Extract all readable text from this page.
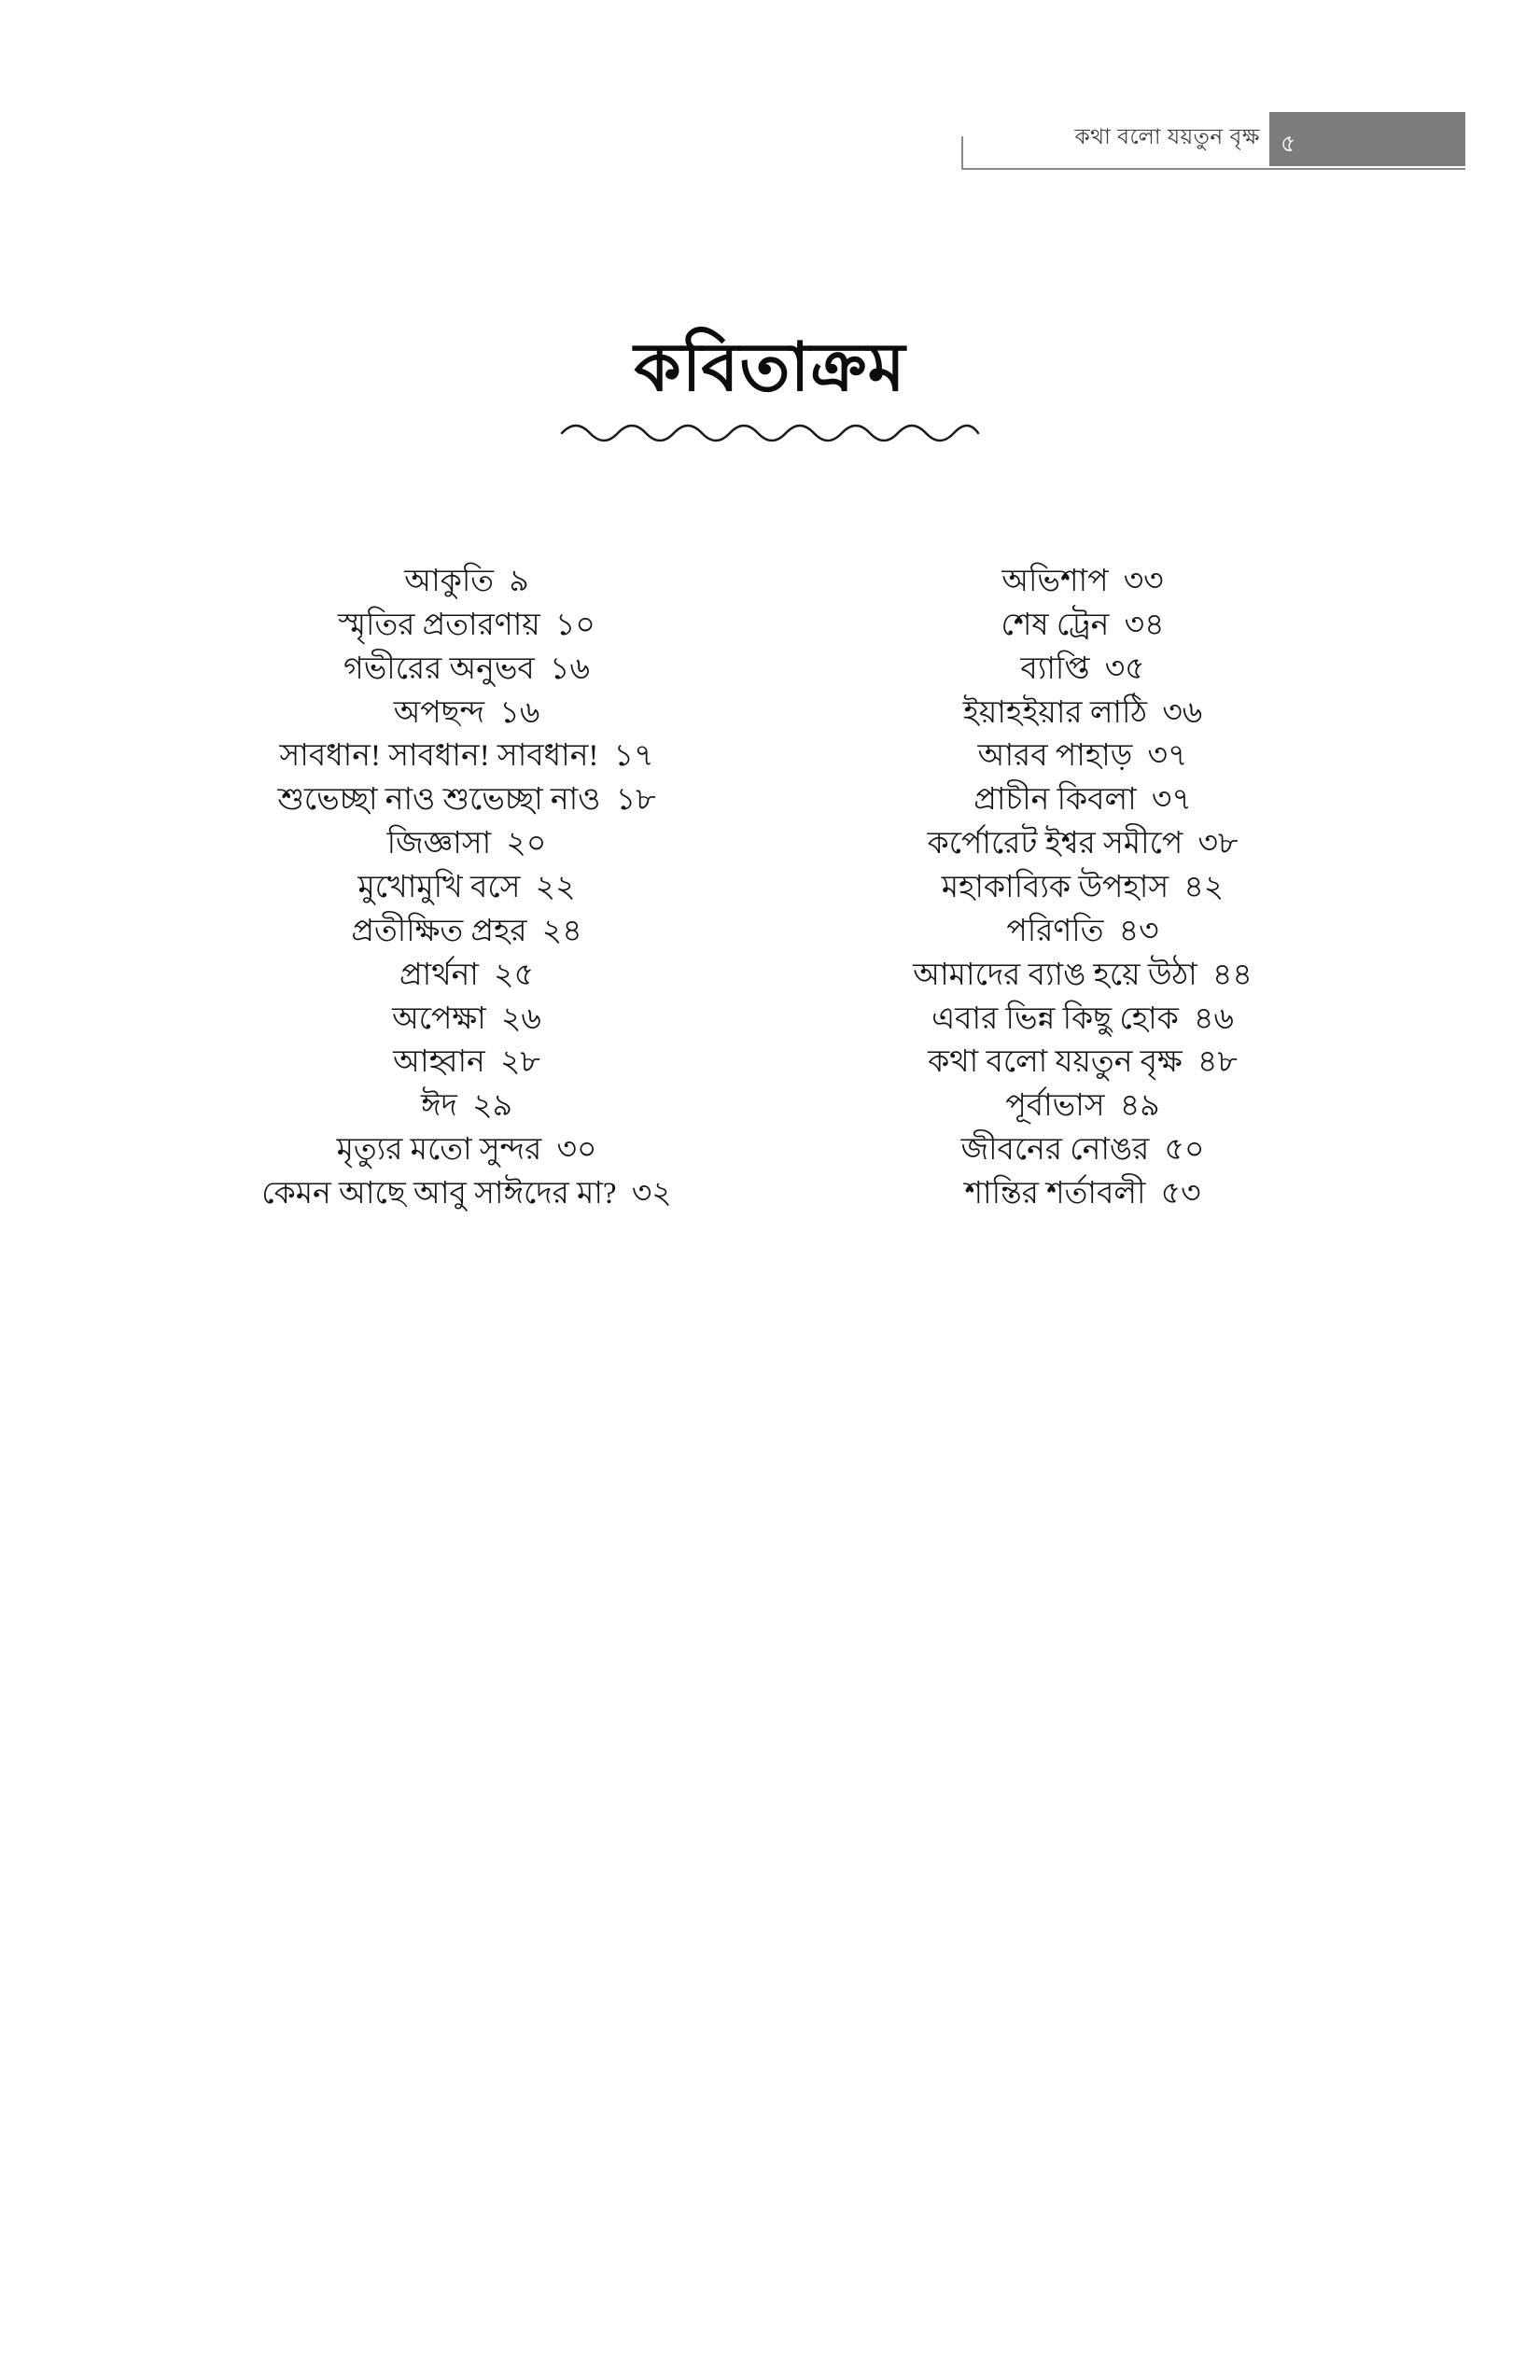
কথা বলো যয়তুন বৃক্ষ ৫
কবিতাক্রম
আকুতি ৯
স্মৃতির প্রতারণায় ১০
গভীরের অনুভব ১৬
অপছন্দ ১৬
সাবধান! সাবধান! সাবধান! ১৭
শুভেচ্ছা নাও শুভেচ্ছা নাও ১৮
জিজ্ঞাসা ২০
মুখোমুখি বসে ২২
প্রতীক্ষিত প্রহর ২৪
প্রার্থনা ২৫
অপেক্ষা ২৬
আহ্বান ২৮
ঈদ ২৯
মৃত্যুর মতো সুন্দর ৩০
কেমন আছে আবু সাঈদের মা? ৩২
অভিশাপ ৩৩
শেষ ট্রেন ৩৪
ব্যাপ্তি ৩৫
ইয়াহইয়ার লাঠি ৩৬
আরব পাহাড় ৩৭
প্রাচীন কিবলা ৩৭
কর্পোরেট ইশ্বর সমীপে ৩৮
মহাকাব্যিক উপহাস ৪২
পরিণতি ৪৩
আমাদের ব্যাঙ হয়ে উঠা ৪৪
এবার ভিন্ন কিছু হোক ৪৬
কথা বলো যয়তুন বৃক্ষ ৪৮
পূর্বাভাস ৪৯
জীবনের নোঙর ৫০
শান্তির শর্তাবলী ৫৩
